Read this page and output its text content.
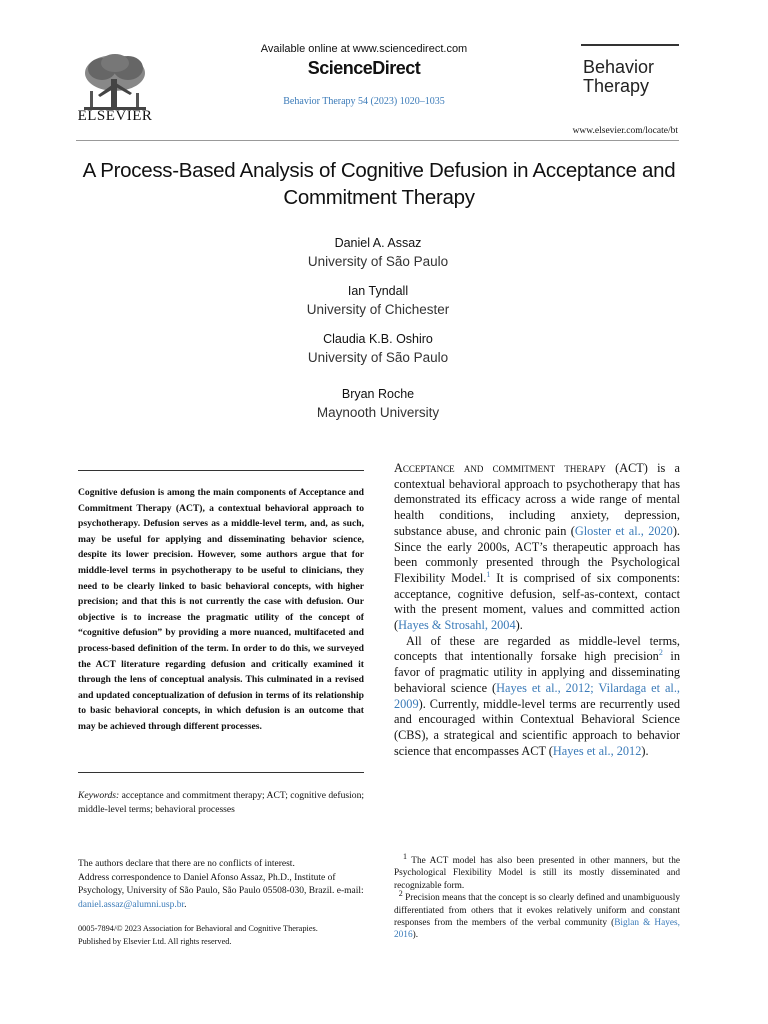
ELSEVIER
Available online at www.sciencedirect.com
ScienceDirect
Behavior Therapy 54 (2023) 1020–1035
Behavior
Therapy
www.elsevier.com/locate/bt
A Process-Based Analysis of Cognitive Defusion in Acceptance and Commitment Therapy
Daniel A. Assaz
University of São Paulo
Ian Tyndall
University of Chichester
Claudia K.B. Oshiro
University of São Paulo
Bryan Roche
Maynooth University
Cognitive defusion is among the main components of Acceptance and Commitment Therapy (ACT), a contextual behavioral approach to psychotherapy. Defusion serves as a middle-level term, and, as such, may be useful for applying and disseminating behavior science, despite its lower precision. However, some authors argue that for middle-level terms in psychotherapy to be useful to clinicians, they need to be clearly linked to basic behavioral concepts, with higher precision; and that this is not currently the case with defusion. Our objective is to increase the pragmatic utility of the concept of “cognitive defusion” by providing a more nuanced, multifaceted and process-based definition of the term. In order to do this, we surveyed the ACT literature regarding defusion and critically examined it through the lens of conceptual analysis. This culminated in a revised and updated conceptualization of defusion in terms of its relationship to basic behavioral concepts, in which defusion is an outcome that may be achieved through different processes.
Keywords: acceptance and commitment therapy; ACT; cognitive defusion; middle-level terms; behavioral processes

Acceptance and commitment therapy (ACT) is a contextual behavioral approach to psychotherapy that has demonstrated its efficacy across a wide range of mental health conditions, including anxiety, depression, substance abuse, and chronic pain (Gloster et al., 2020). Since the early 2000s, ACT’s therapeutic approach has been commonly presented through the Psychological Flexibility Model.$^1$ It is comprised of six components: acceptance, cognitive defusion, self-as-context, contact with the present moment, values and committed action (Hayes & Strosahl, 2004).

All of these are regarded as middle-level terms, concepts that intentionally forsake high precision$^2$ in favor of pragmatic utility in applying and disseminating behavioral science (Hayes et al., 2012; Vilardaga et al., 2009). Currently, middle-level terms are recurrently used and encouraged within Contextual Behavioral Science (CBS), a strategical and scientific approach to behavior science that encompasses ACT (Hayes et al., 2012).

The authors declare that there are no conflicts of interest.

Address correspondence to Daniel Afonso Assaz, Ph.D., Institute of Psychology, University of São Paulo, São Paulo 05508-030, Brazil. e-mail: daniel.assaz@alumni.usp.br.

0005-7894/© 2023 Association for Behavioral and Cognitive Therapies.

Published by Elsevier Ltd. All rights reserved.

$^1$ The ACT model has also been presented in other manners, but the Psychological Flexibility Model is still its mostly disseminated and recognizable form.

$^2$ Precision means that the concept is so clearly defined and unambiguously differentiated from others that it evokes relatively uniform and constant responses from the members of the verbal community (Biglan & Hayes, 2016).
